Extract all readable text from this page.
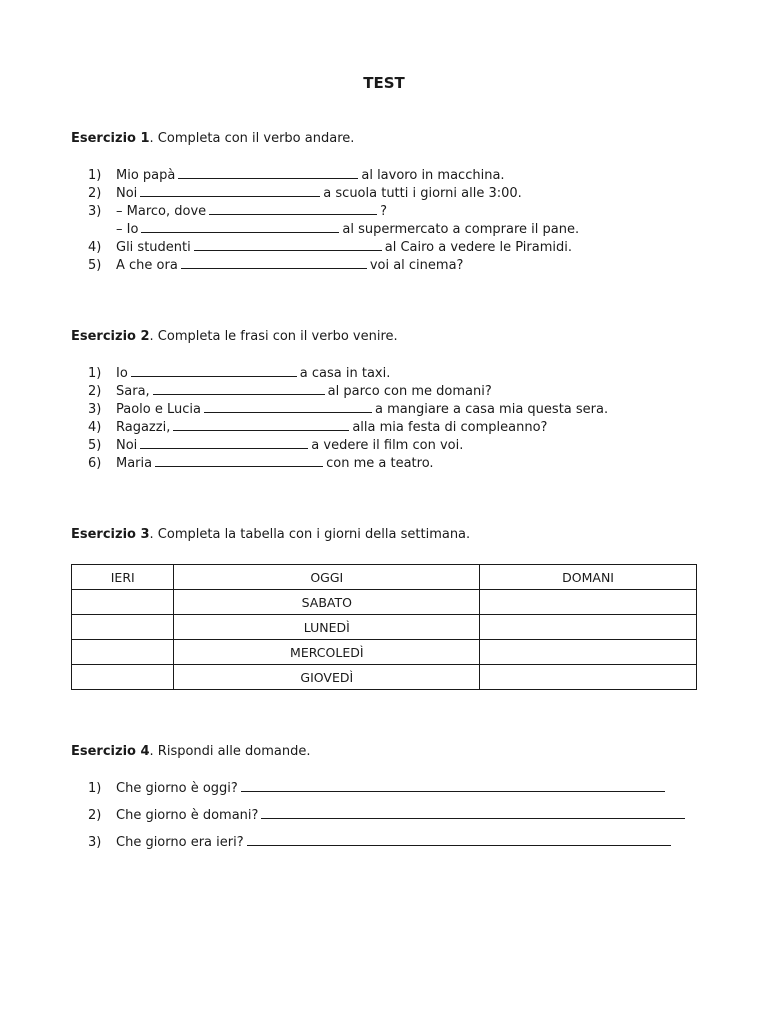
TEST
Esercizio 1. Completa con il verbo andare.
1) Mio papà	al lavoro in macchina.
2) Noi	a scuola tutti i giorni alle 3:00.
3) – Marco, dove	?
– Io	al supermercato a comprare il pane.
4) Gli studenti	al Cairo a vedere le Piramidi.
5) A che ora	voi al cinema?
Esercizio 2. Completa le frasi con il verbo venire.
1) Io	a casa in taxi.
2) Sara,	al parco con me domani?
3) Paolo e Lucia	a mangiare a casa mia questa sera.
4) Ragazzi,	alla mia festa di compleanno?
5) Noi	a vedere il film con voi.
6) Maria	con me a teatro.
Esercizio 3. Completa la tabella con i giorni della settimana.
IERI	OGGI	DOMANI
	SABATO	
	LUNEDÌ	
	MERCOLEDÌ	
	GIOVEDÌ	
Esercizio 4. Rispondi alle domande.
1) Che giorno è oggi?
2) Che giorno è domani?
3) Che giorno era ieri?
